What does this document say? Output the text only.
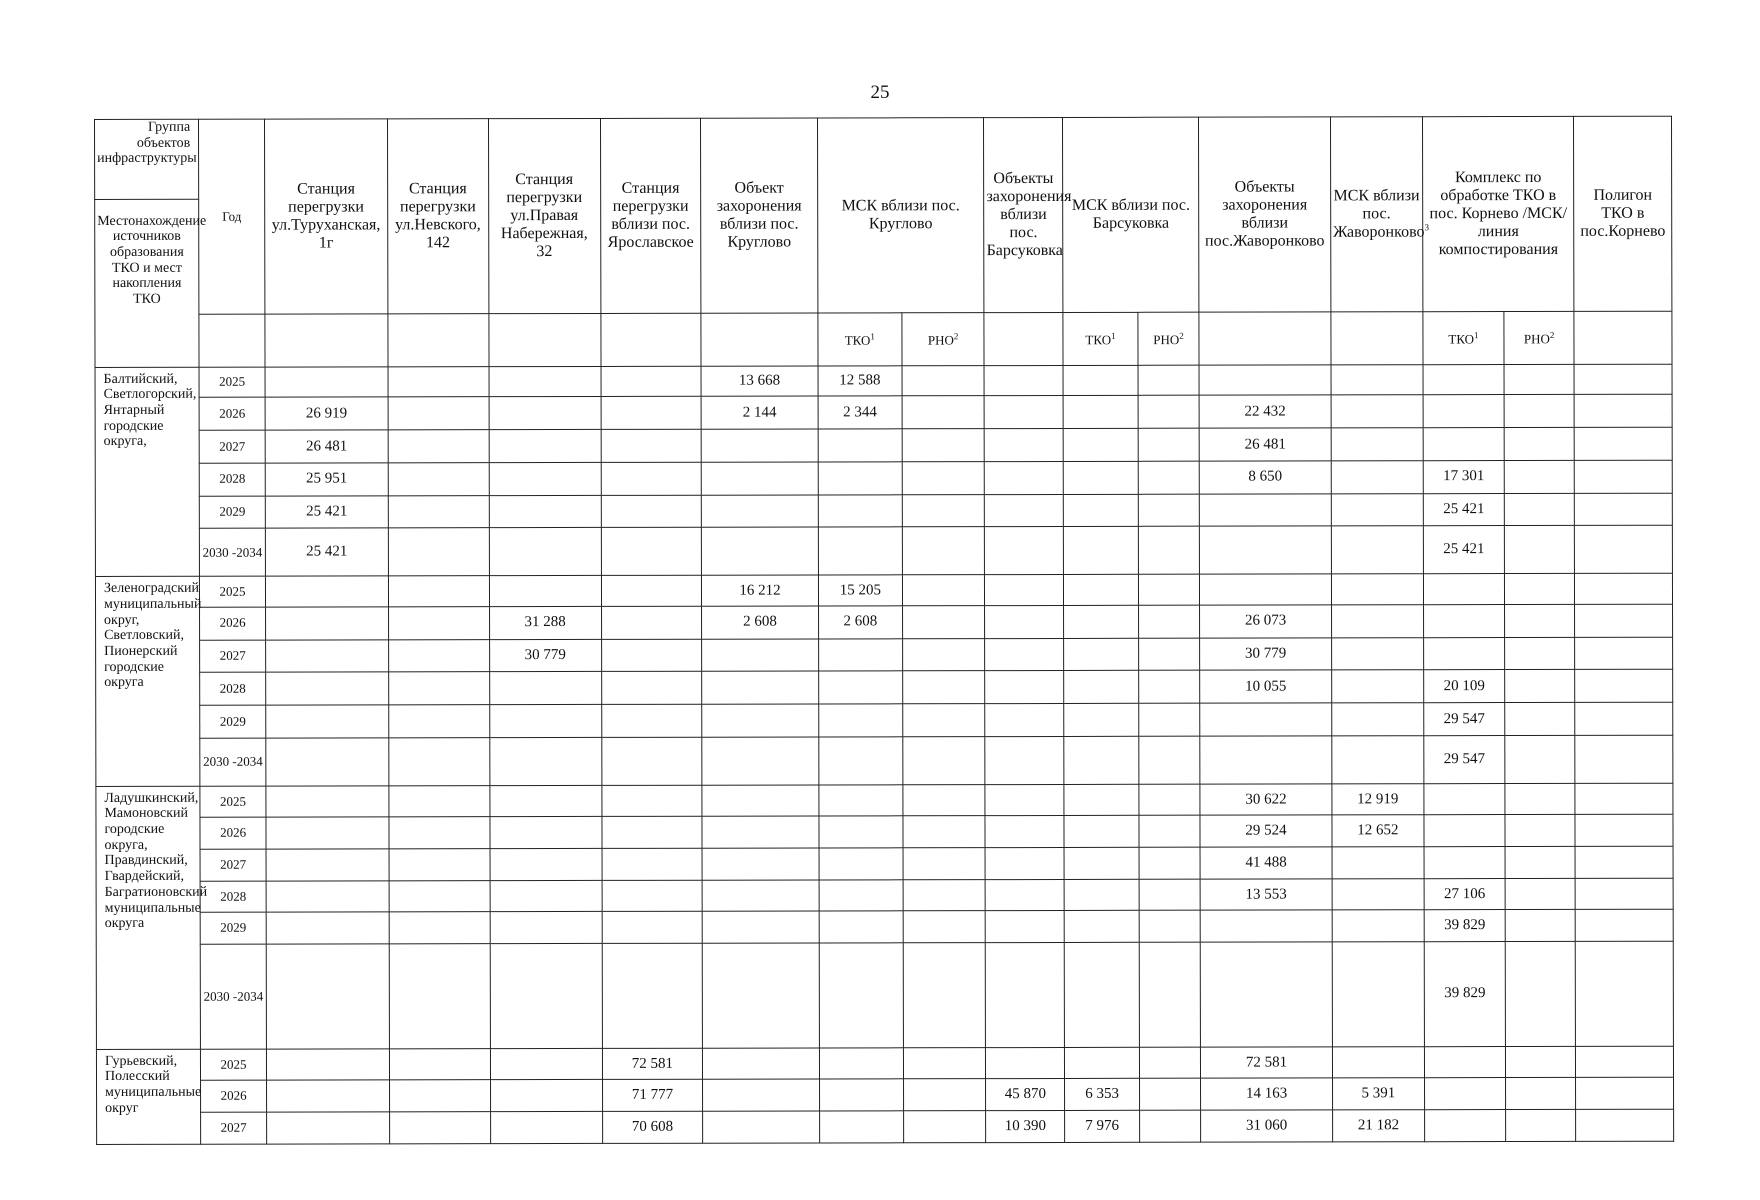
25
Группа объектов инфраструктуры	Год	Станция перегрузки ул.Туруханская, 1г	Станция перегрузки ул.Невского, 142	Станция перегрузки ул.Правая Набережная, 32	Станция перегрузки вблизи пос. Ярославское	Объект захоронения вблизи пос. Круглово	МСК вблизи пос. Круглово		Объекты захоронения вблизи пос. Барсуковка	МСК вблизи пос. Барсуковка		Объекты захоронения вблизи пос.Жаворонково	МСК вблизи пос. Жаворонково$^3$	Комплекс по обработке ТКО в пос. Корнево /МСК/линия компостирования		Полигон ТКО в пос.Корнево
Местонахождение источников образования ТКО и мест накопления ТКО																
							ТКО$^1$	РНО$^2$		ТКО$^1$	РНО$^2$			ТКО$^1$	РНО$^2$	
Балтийский, Светлогорский, Янтарный городские округа,	2025					13 668	12 588									
	2026	26 919				2 144	2 344					22 432				
	2027	26 481										26 481				
	2028	25 951										8 650		17 301		
	2029	25 421												25 421		
	2030 -2034	25 421												25 421		
Зеленоградский муниципальный округ, Светловский, Пионерский городские округа	2025					16 212	15 205									
	2026			31 288		2 608	2 608					26 073				
	2027			30 779								30 779				
	2028											10 055		20 109		
	2029													29 547		
	2030 -2034													29 547		
Ладушкинский, Мамоновский городские округа, Правдинский, Гвардейский, Багратионовский муниципальные округа	2025											30 622	12 919			
	2026											29 524	12 652			
	2027											41 488				
	2028											13 553		27 106		
	2029													39 829		
	2030 -2034													39 829		
Гурьевский, Полесский муниципальные округ	2025				72 581							72 581				
	2026				71 777				45 870	6 353		14 163	5 391			
	2027				70 608				10 390	7 976		31 060	21 182			
